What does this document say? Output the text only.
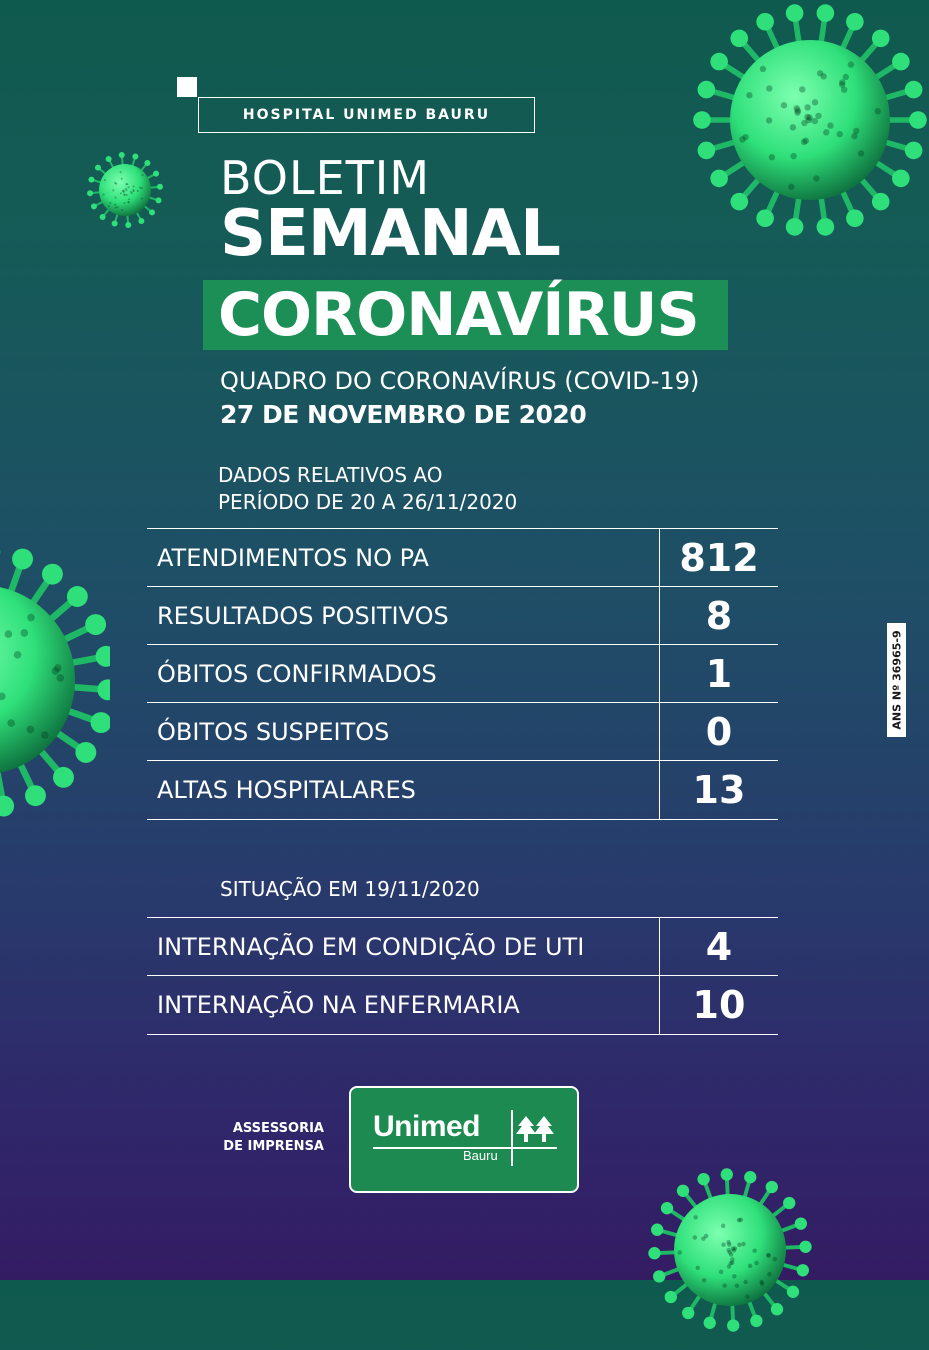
HOSPITAL UNIMED BAURU
BOLETIM
SEMANAL
CORONAVÍRUS
QUADRO DO CORONAVÍRUS (COVID-19)
27 DE NOVEMBRO DE 2020
DADOS RELATIVOS AO
PERÍODO DE 20 A 26/11/2020
ATENDIMENTOS NO PA	812
RESULTADOS POSITIVOS	8
ÓBITOS CONFIRMADOS	1
ÓBITOS SUSPEITOS	0
ALTAS HOSPITALARES	13
SITUAÇÃO EM 19/11/2020
INTERNAÇÃO EM CONDIÇÃO DE UTI	4
INTERNAÇÃO NA ENFERMARIA	10
ANS Nº 36965-9
ASSESSORIA
DE IMPRENSA
Unimed
Bauru
